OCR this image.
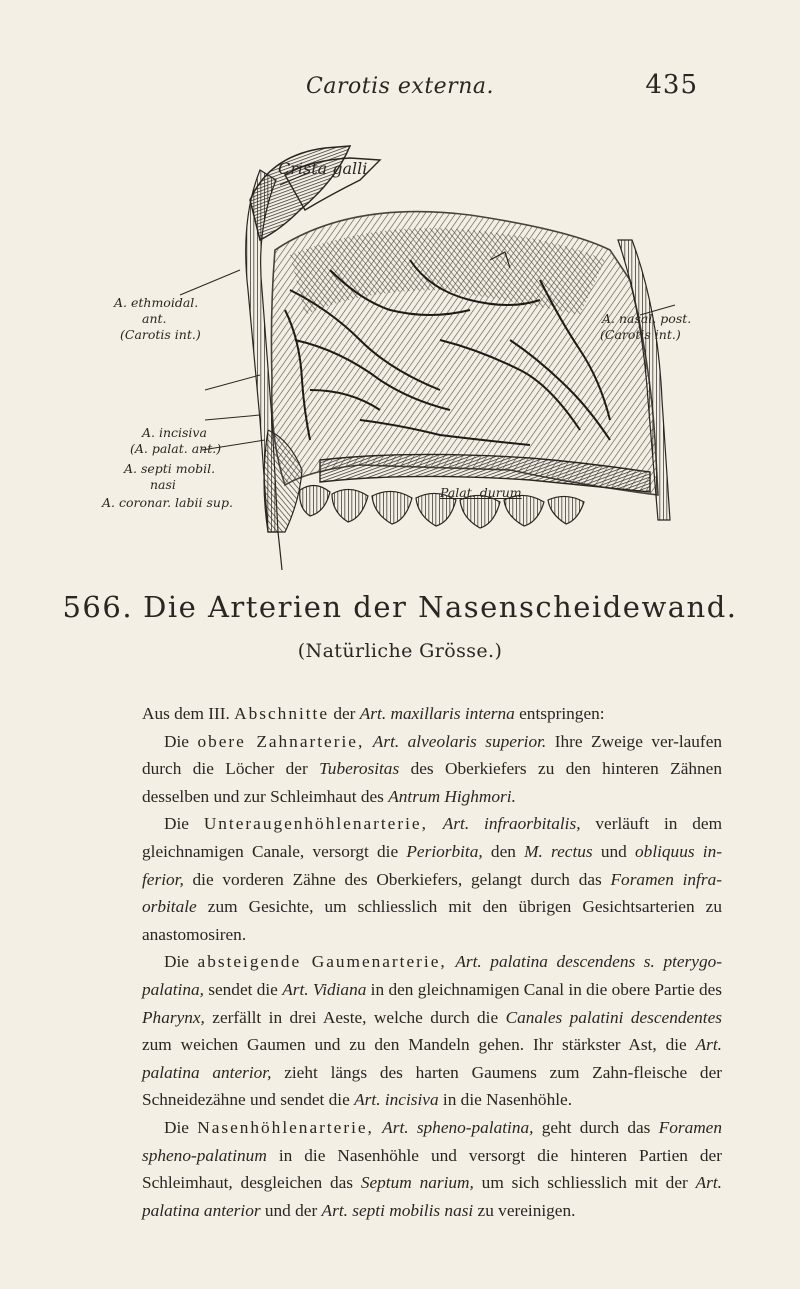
Carotis externa.	435
Crista galli
A. ethmoidal.
ant.
(Carotis int.)
A. nasal. post.
(Carotis int.)
A. incisiva
(A. palat. ant.)
A. septi mobil.
nasi
A. coronar. labii sup.
Palat. durum
566. Die Arterien der Nasenscheidewand.
(Natürliche Grösse.)

Aus dem III. Abschnitte der Art. maxillaris interna entspringen:

Die obere Zahnarterie, Art. alveolaris superior. Ihre Zweige ver-laufen durch die Löcher der Tuberositas des Oberkiefers zu den hinteren Zähnen desselben und zur Schleimhaut des Antrum Highmori.

Die Unteraugenhöhlenarterie, Art. infraorbitalis, verläuft in dem gleichnamigen Canale, versorgt die Periorbita, den M. rectus und obliquus in-ferior, die vorderen Zähne des Oberkiefers, gelangt durch das Foramen infra-orbitale zum Gesichte, um schliesslich mit den übrigen Gesichtsarterien zu anastomosiren.

Die absteigende Gaumenarterie, Art. palatina descendens s. pterygo-palatina, sendet die Art. Vidiana in den gleichnamigen Canal in die obere Partie des Pharynx, zerfällt in drei Aeste, welche durch die Canales palatini descendentes zum weichen Gaumen und zu den Mandeln gehen. Ihr stärkster Ast, die Art. palatina anterior, zieht längs des harten Gaumens zum Zahn-fleische der Schneidezähne und sendet die Art. incisiva in die Nasenhöhle.

Die Nasenhöhlenarterie, Art. spheno-palatina, geht durch das Foramen spheno-palatinum in die Nasenhöhle und versorgt die hinteren Partien der Schleimhaut, desgleichen das Septum narium, um sich schliesslich mit der Art. palatina anterior und der Art. septi mobilis nasi zu vereinigen.
